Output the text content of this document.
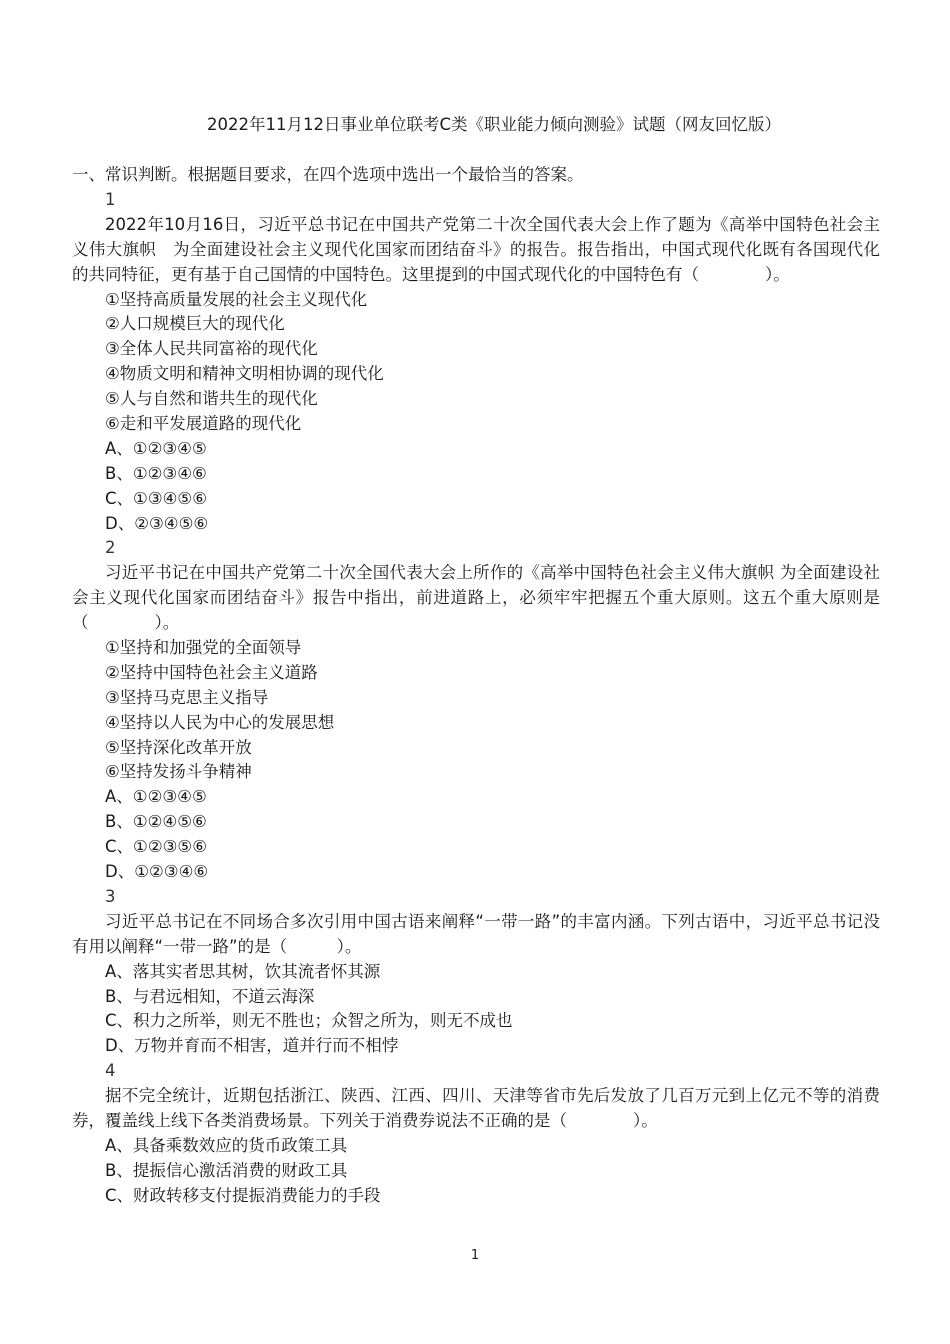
2022年11月12日事业单位联考C类《职业能力倾向测验》试题（网友回忆版）
一、常识判断。根据题目要求，在四个选项中选出一个最恰当的答案。
1
2022年10月16日，习近平总书记在中国共产党第二十次全国代表大会上作了题为《高举中国特色社会主义伟大旗帜　为全面建设社会主义现代化国家而团结奋斗》的报告。报告指出，中国式现代化既有各国现代化的共同特征，更有基于自己国情的中国特色。这里提到的中国式现代化的中国特色有（　　　　）。
①坚持高质量发展的社会主义现代化
②人口规模巨大的现代化
③全体人民共同富裕的现代化
④物质文明和精神文明相协调的现代化
⑤人与自然和谐共生的现代化
⑥走和平发展道路的现代化
A、①②③④⑤
B、①②③④⑥
C、①③④⑤⑥
D、②③④⑤⑥
2
习近平书记在中国共产党第二十次全国代表大会上所作的《高举中国特色社会主义伟大旗帜 为全面建设社会主义现代化国家而团结奋斗》报告中指出，前进道路上，必须牢牢把握五个重大原则。这五个重大原则是（　　　　）。
①坚持和加强党的全面领导
②坚持中国特色社会主义道路
③坚持马克思主义指导
④坚持以人民为中心的发展思想
⑤坚持深化改革开放
⑥坚持发扬斗争精神
A、①②③④⑤
B、①②④⑤⑥
C、①②③⑤⑥
D、①②③④⑥
3
习近平总书记在不同场合多次引用中国古语来阐释“一带一路”的丰富内涵。下列古语中，习近平总书记没有用以阐释“一带一路”的是（　　　）。
A、落其实者思其树，饮其流者怀其源
B、与君远相知，不道云海深
C、积力之所举，则无不胜也；众智之所为，则无不成也
D、万物并育而不相害，道并行而不相悖
4
据不完全统计，近期包括浙江、陕西、江西、四川、天津等省市先后发放了几百万元到上亿元不等的消费券，覆盖线上线下各类消费场景。下列关于消费券说法不正确的是（　　　　）。
A、具备乘数效应的货币政策工具
B、提振信心激活消费的财政工具
C、财政转移支付提振消费能力的手段
1
